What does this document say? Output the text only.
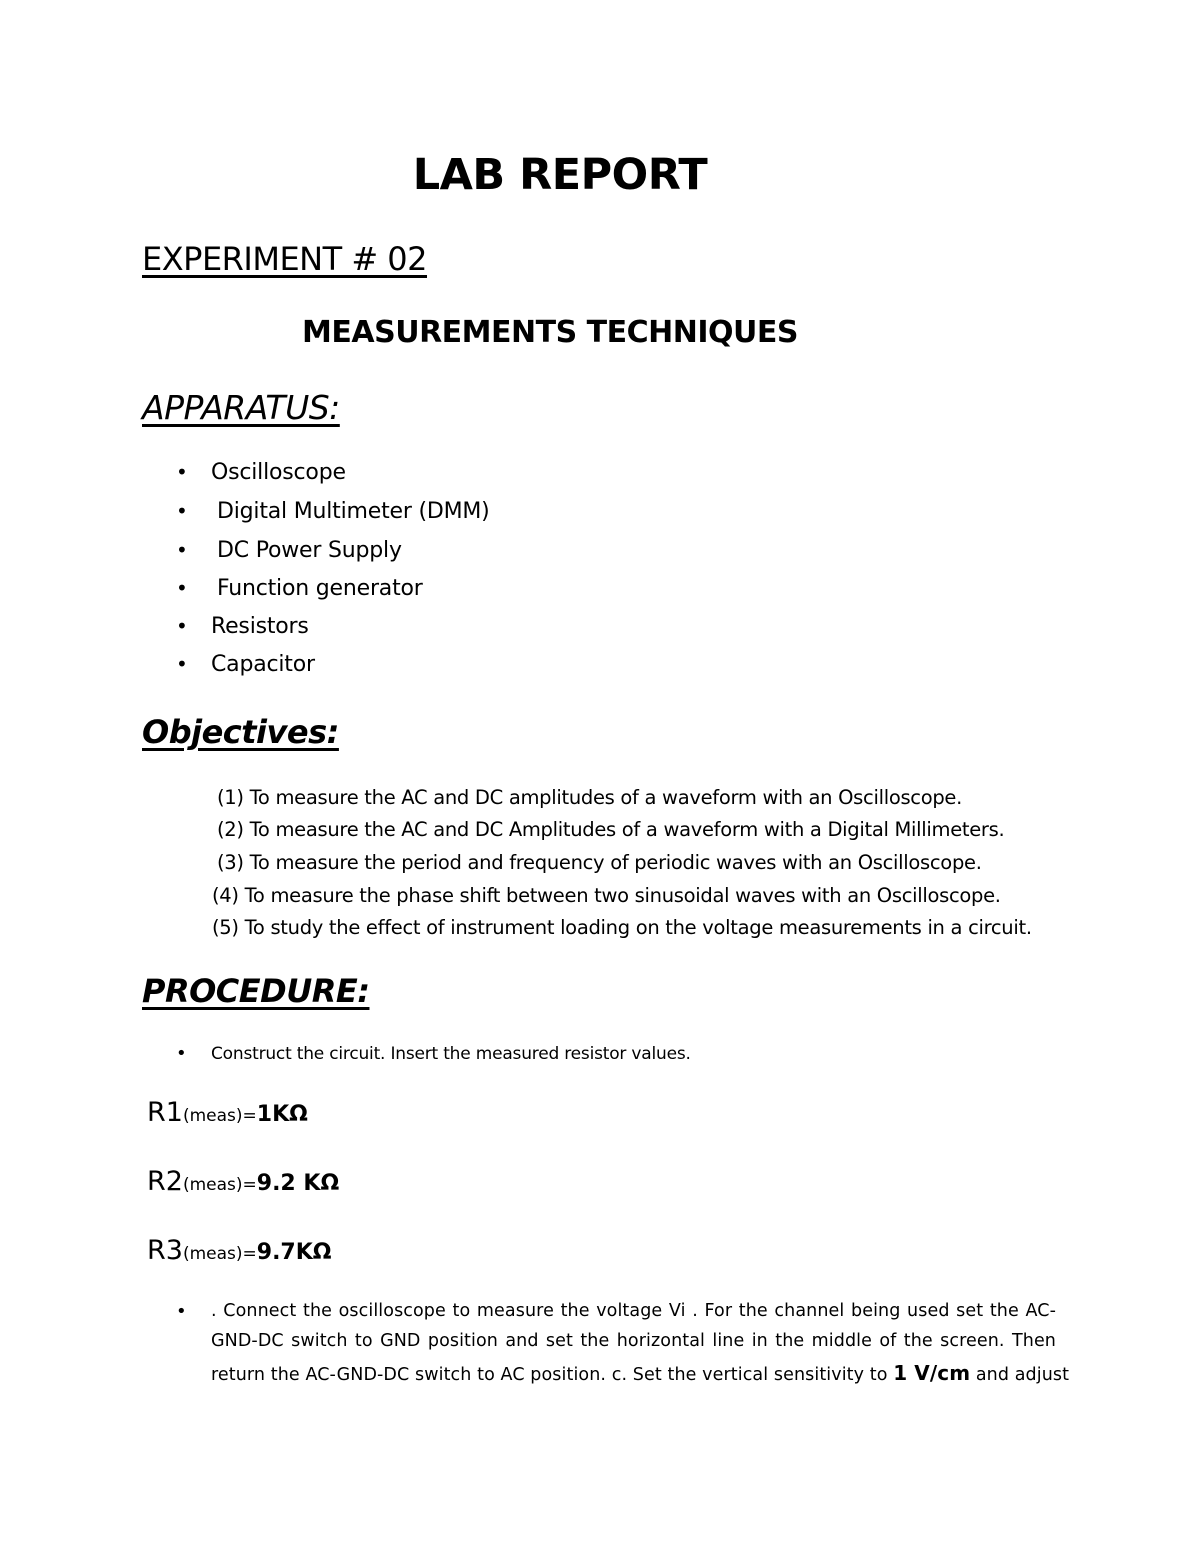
LAB REPORT
EXPERIMENT # 02
MEASUREMENTS TECHNIQUES
APPARATUS:
• Oscilloscope
• Digital Multimeter (DMM)
• DC Power Supply
• Function generator
• Resistors
• Capacitor
Objectives:
(1) To measure the AC and DC amplitudes of a waveform with an Oscilloscope.
(2) To measure the AC and DC Amplitudes of a waveform with a Digital Millimeters.
(3) To measure the period and frequency of periodic waves with an Oscilloscope.
(4) To measure the phase shift between two sinusoidal waves with an Oscilloscope.
(5) To study the effect of instrument loading on the voltage measurements in a circuit.
PROCEDURE:
• Construct the circuit. Insert the measured resistor values.
R1(meas)=1KΩ
R2(meas)=9.2 KΩ
R3(meas)=9.7KΩ
• . Connect the oscilloscope to measure the voltage Vi . For the channel being used set the AC-
GND-DC switch to GND position and set the horizontal line in the middle of the screen. Then
return the AC-GND-DC switch to AC position. c. Set the vertical sensitivity to 1 V/cm and adjust
